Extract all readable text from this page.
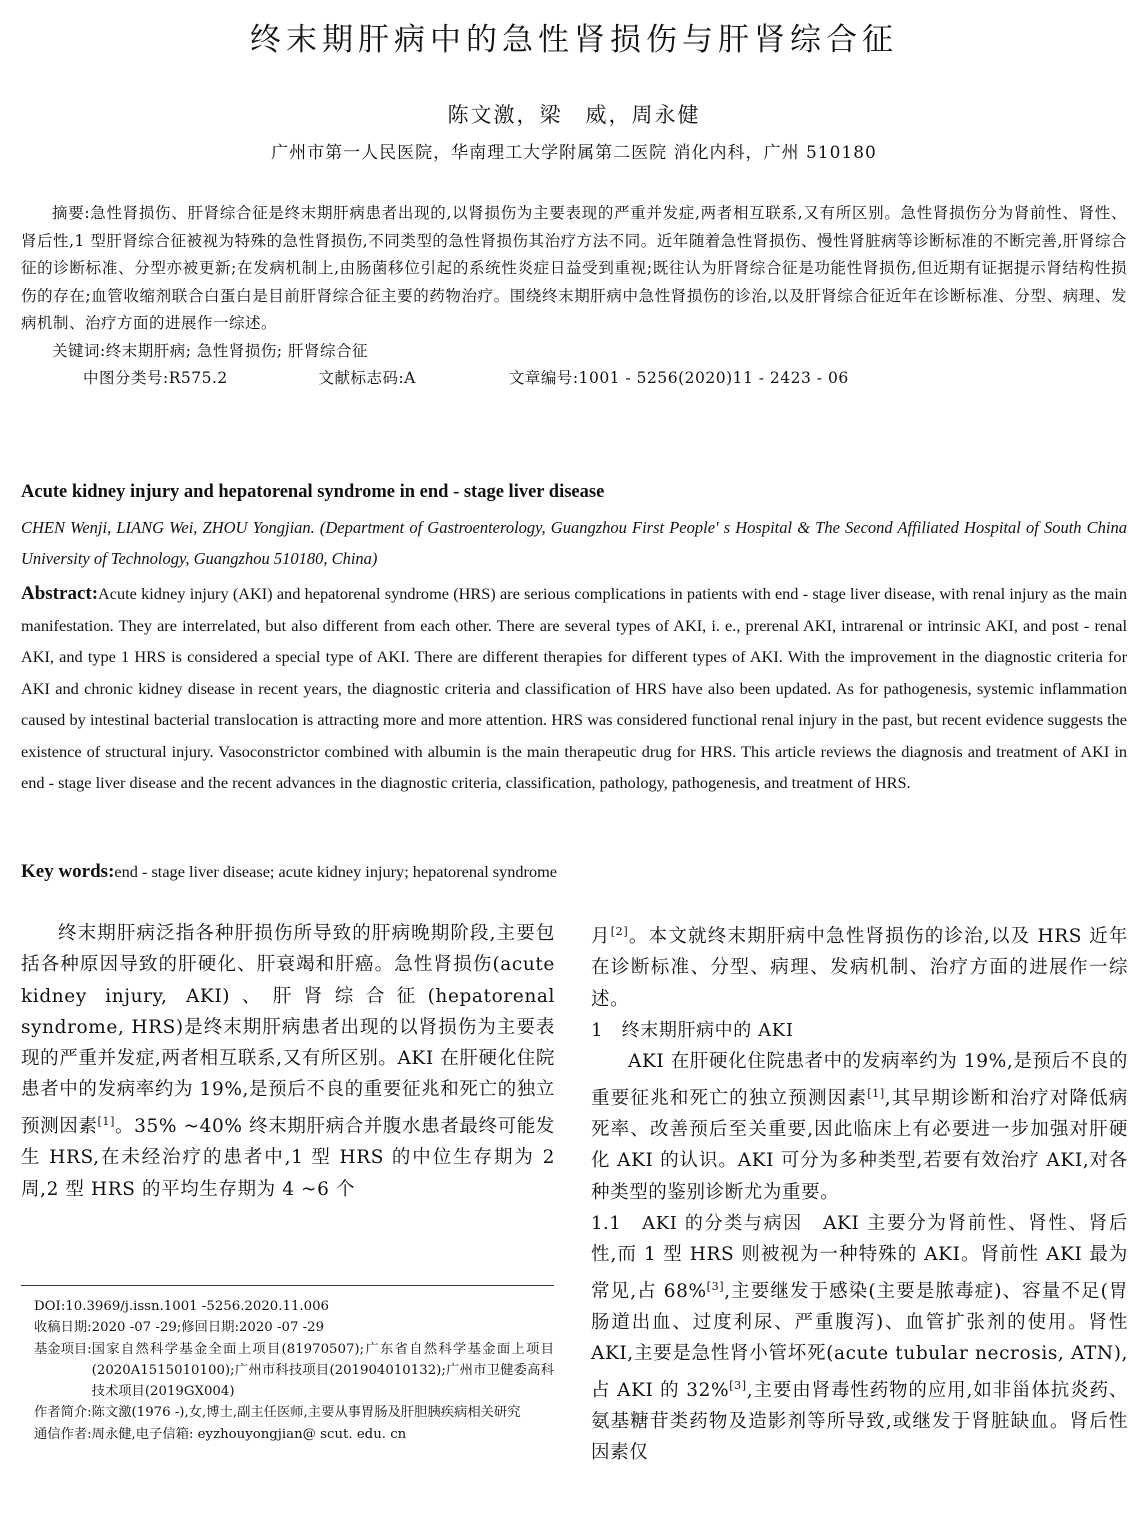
终末期肝病中的急性肾损伤与肝肾综合征
陈文激，梁　威，周永健
广州市第一人民医院，华南理工大学附属第二医院 消化内科，广州 510180

摘要:急性肾损伤、肝肾综合征是终末期肝病患者出现的,以肾损伤为主要表现的严重并发症,两者相互联系,又有所区别。急性肾损伤分为肾前性、肾性、肾后性,1 型肝肾综合征被视为特殊的急性肾损伤,不同类型的急性肾损伤其治疗方法不同。近年随着急性肾损伤、慢性肾脏病等诊断标准的不断完善,肝肾综合征的诊断标准、分型亦被更新;在发病机制上,由肠菌移位引起的系统性炎症日益受到重视;既往认为肝肾综合征是功能性肾损伤,但近期有证据提示肾结构性损伤的存在;血管收缩剂联合白蛋白是目前肝肾综合征主要的药物治疗。围绕终末期肝病中急性肾损伤的诊治,以及肝肾综合征近年在诊断标准、分型、病理、发病机制、治疗方面的进展作一综述。

关键词:终末期肝病; 急性肾损伤; 肝肾综合征

中图分类号:R575.2	文献标志码:A	文章编号:1001 - 5256(2020)11 - 2423 - 06

Acute kidney injury and hepatorenal syndrome in end - stage liver disease
CHEN Wenji, LIANG Wei, ZHOU Yongjian. (Department of Gastroenterology, Guangzhou First People' s Hospital & The Second Affiliated Hospital of South China University of Technology, Guangzhou 510180, China)
Abstract:Acute kidney injury (AKI) and hepatorenal syndrome (HRS) are serious complications in patients with end - stage liver disease, with renal injury as the main manifestation. They are interrelated, but also different from each other. There are several types of AKI, i. e., prerenal AKI, intrarenal or intrinsic AKI, and post - renal AKI, and type 1 HRS is considered a special type of AKI. There are different therapies for different types of AKI. With the improvement in the diagnostic criteria for AKI and chronic kidney disease in recent years, the diagnostic criteria and classification of HRS have also been updated. As for pathogenesis, systemic inflammation caused by intestinal bacterial translocation is attracting more and more attention. HRS was considered functional renal injury in the past, but recent evidence suggests the existence of structural injury. Vasoconstrictor combined with albumin is the main therapeutic drug for HRS. This article reviews the diagnosis and treatment of AKI in end - stage liver disease and the recent advances in the diagnostic criteria, classification, pathology, pathogenesis, and treatment of HRS.
Key words:end - stage liver disease; acute kidney injury; hepatorenal syndrome

终末期肝病泛指各种肝损伤所导致的肝病晚期阶段,主要包括各种原因导致的肝硬化、肝衰竭和肝癌。急性肾损伤(acute kidney injury, AKI)、肝肾综合征(hepatorenal syndrome, HRS)是终末期肝病患者出现的以肾损伤为主要表现的严重并发症,两者相互联系,又有所区别。AKI 在肝硬化住院患者中的发病率约为 19%,是预后不良的重要征兆和死亡的独立预测因素[1]。35% ~40% 终末期肝病合并腹水患者最终可能发生 HRS,在未经治疗的患者中,1 型 HRS 的中位生存期为 2 周,2 型 HRS 的平均生存期为 4 ~6 个

DOI:10.3969/j.issn.1001 -5256.2020.11.006
收稿日期:2020 -07 -29;修回日期:2020 -07 -29
基金项目: 国家自然科学基金全面上项目(81970507);广东省自然科学基金面上项目(2020A1515010100);广州市科技项目(201904010132);广州市卫健委高科技术项目(2019GX004)
作者简介: 陈文激(1976 -),女,博士,副主任医师,主要从事胃肠及肝胆胰疾病相关研究
通信作者: 周永健,电子信箱: eyzhouyongjian@ scut. edu. cn

月[2]。本文就终末期肝病中急性肾损伤的诊治,以及 HRS 近年在诊断标准、分型、病理、发病机制、治疗方面的进展作一综述。

1　终末期肝病中的 AKI

AKI 在肝硬化住院患者中的发病率约为 19%,是预后不良的重要征兆和死亡的独立预测因素[1],其早期诊断和治疗对降低病死率、改善预后至关重要,因此临床上有必要进一步加强对肝硬化 AKI 的认识。AKI 可分为多种类型,若要有效治疗 AKI,对各种类型的鉴别诊断尤为重要。

1.1　AKI 的分类与病因　AKI 主要分为肾前性、肾性、肾后性,而 1 型 HRS 则被视为一种特殊的 AKI。肾前性 AKI 最为常见,占 68%[3],主要继发于感染(主要是脓毒症)、容量不足(胃肠道出血、过度利尿、严重腹泻)、血管扩张剂的使用。肾性 AKI,主要是急性肾小管坏死(acute tubular necrosis, ATN),占 AKI 的 32%[3],主要由肾毒性药物的应用,如非甾体抗炎药、氨基糖苷类药物及造影剂等所导致,或继发于肾脏缺血。肾后性因素仅
